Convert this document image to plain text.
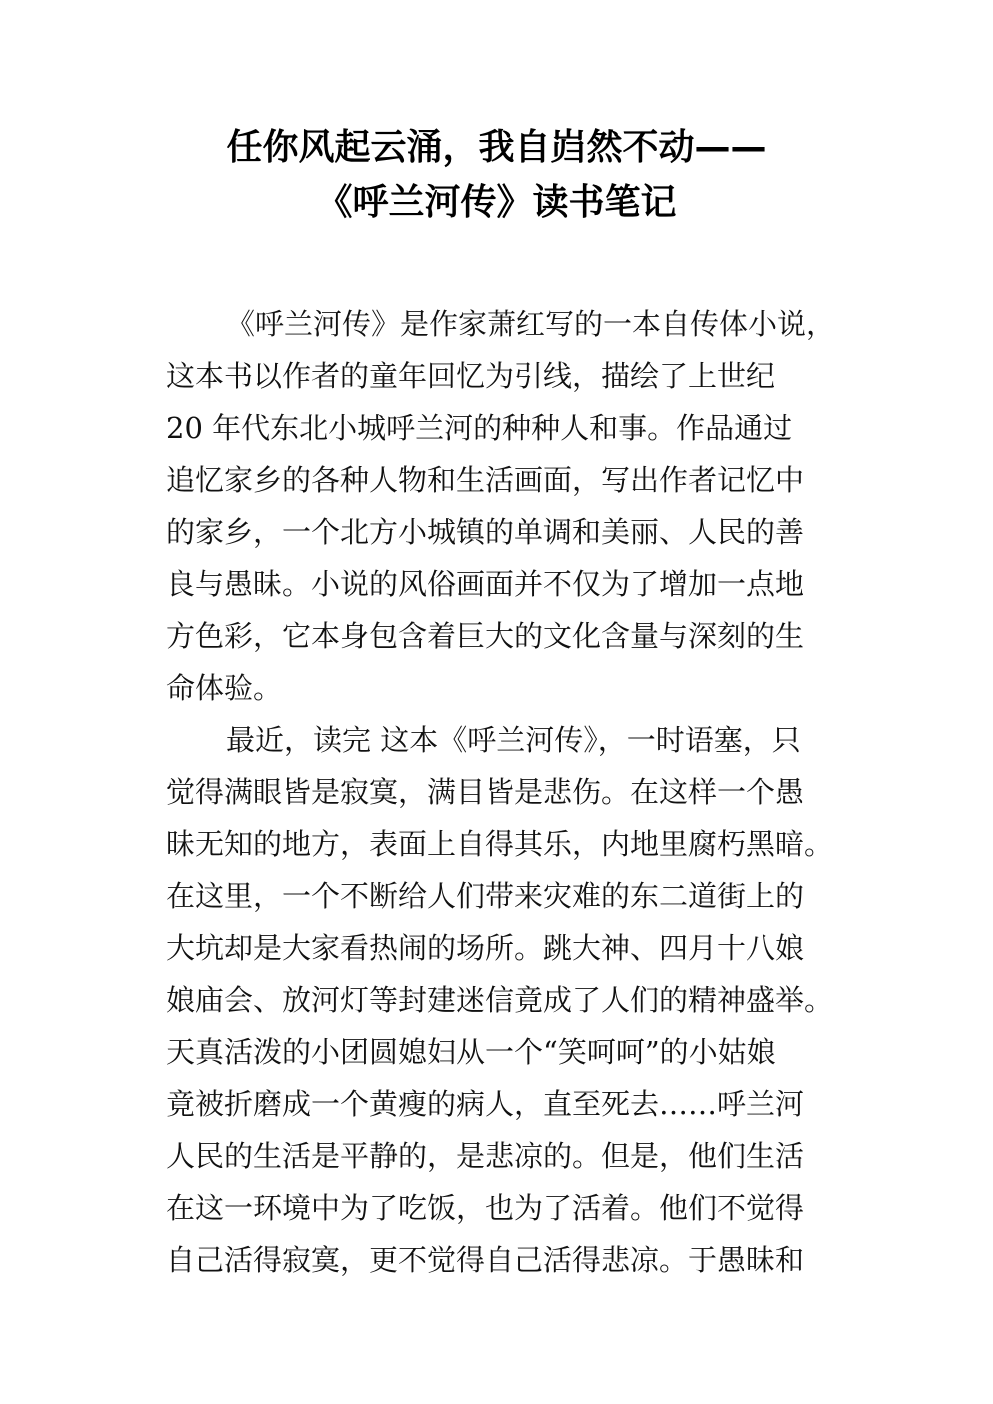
任你风起云涌，我自岿然不动——
《呼兰河传》读书笔记
《呼兰河传》是作家萧红写的一本自传体小说，
这本书以作者的童年回忆为引线，描绘了上世纪
20 年代东北小城呼兰河的种种人和事。作品通过
追忆家乡的各种人物和生活画面，写出作者记忆中
的家乡，一个北方小城镇的单调和美丽、人民的善
良与愚昧。小说的风俗画面并不仅为了增加一点地
方色彩，它本身包含着巨大的文化含量与深刻的生
命体验。
最近，读完 这本《呼兰河传》，一时语塞，只
觉得满眼皆是寂寞，满目皆是悲伤。在这样一个愚
昧无知的地方，表面上自得其乐，内地里腐朽黑暗。
在这里，一个不断给人们带来灾难的东二道街上的
大坑却是大家看热闹的场所。跳大神、四月十八娘
娘庙会、放河灯等封建迷信竟成了人们的精神盛举。
天真活泼的小团圆媳妇从一个“笑呵呵”的小姑娘
竟被折磨成一个黄瘦的病人，直至死去……呼兰河
人民的生活是平静的，是悲凉的。但是，他们生活
在这一环境中为了吃饭，也为了活着。他们不觉得
自己活得寂寞，更不觉得自己活得悲凉。于愚昧和
